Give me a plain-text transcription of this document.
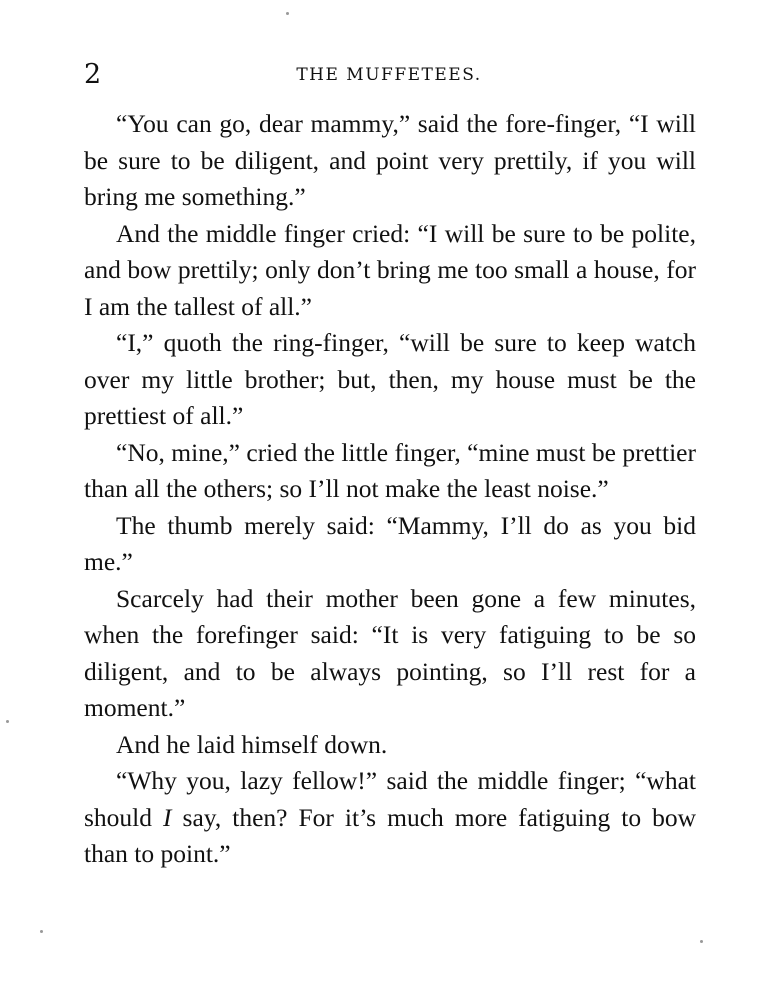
2	THE MUFFETEES.

“You can go, dear mammy,” said the fore-finger, “I will be sure to be diligent, and point very prettily, if you will bring me something.”

And the middle finger cried: “I will be sure to be polite, and bow prettily; only don’t bring me too small a house, for I am the tallest of all.”

“I,” quoth the ring-finger, “will be sure to keep watch over my little brother; but, then, my house must be the prettiest of all.”

“No, mine,” cried the little finger, “mine must be prettier than all the others; so I’ll not make the least noise.”

The thumb merely said: “Mammy, I’ll do as you bid me.”

Scarcely had their mother been gone a few minutes, when the forefinger said: “It is very fatiguing to be so diligent, and to be always pointing, so I’ll rest for a moment.”

And he laid himself down.

“Why you, lazy fellow!” said the middle finger; “what should I say, then? For it’s much more fatiguing to bow than to point.”
